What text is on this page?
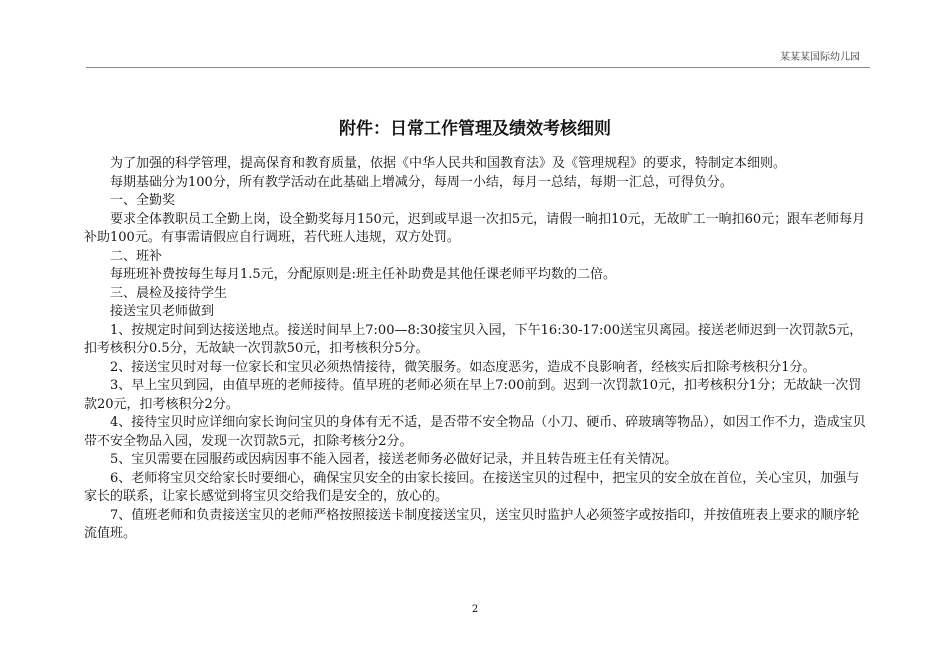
某某某国际幼儿园
附件：日常工作管理及绩效考核细则

为了加强的科学管理，提高保育和教育质量，依据《中华人民共和国教育法》及《管理规程》的要求，特制定本细则。

每期基础分为100分，所有教学活动在此基础上增减分，每周一小结，每月一总结，每期一汇总，可得负分。

一、全勤奖

要求全体教职员工全勤上岗，设全勤奖每月150元，迟到或早退一次扣5元，请假一晌扣10元，无故旷工一晌扣60元；跟车老师每月补助100元。有事需请假应自行调班，若代班人违规，双方处罚。

二、班补

每班班补费按每生每月1.5元，分配原则是:班主任补助费是其他任课老师平均数的二倍。

三、晨检及接待学生

接送宝贝老师做到

1、按规定时间到达接送地点。接送时间早上7:00—8:30接宝贝入园，下午16:30-17:00送宝贝离园。接送老师迟到一次罚款5元，扣考核积分0.5分，无故缺一次罚款50元，扣考核积分5分。

2、接送宝贝时对每一位家长和宝贝必须热情接待，微笑服务。如态度恶劣，造成不良影响者，经核实后扣除考核积分1分。

3、早上宝贝到园，由值早班的老师接待。值早班的老师必须在早上7:00前到。迟到一次罚款10元，扣考核积分1分；无故缺一次罚款20元，扣考核积分2分。

4、接待宝贝时应详细向家长询问宝贝的身体有无不适，是否带不安全物品（小刀、硬币、碎玻璃等物品），如因工作不力，造成宝贝带不安全物品入园，发现一次罚款5元，扣除考核分2分。

5、宝贝需要在园服药或因病因事不能入园者，接送老师务必做好记录，并且转告班主任有关情况。

6、老师将宝贝交给家长时要细心，确保宝贝安全的由家长接回。在接送宝贝的过程中，把宝贝的安全放在首位，关心宝贝，加强与家长的联系，让家长感觉到将宝贝交给我们是安全的，放心的。

7、值班老师和负责接送宝贝的老师严格按照接送卡制度接送宝贝，送宝贝时监护人必须签字或按指印，并按值班表上要求的顺序轮流值班。

2
